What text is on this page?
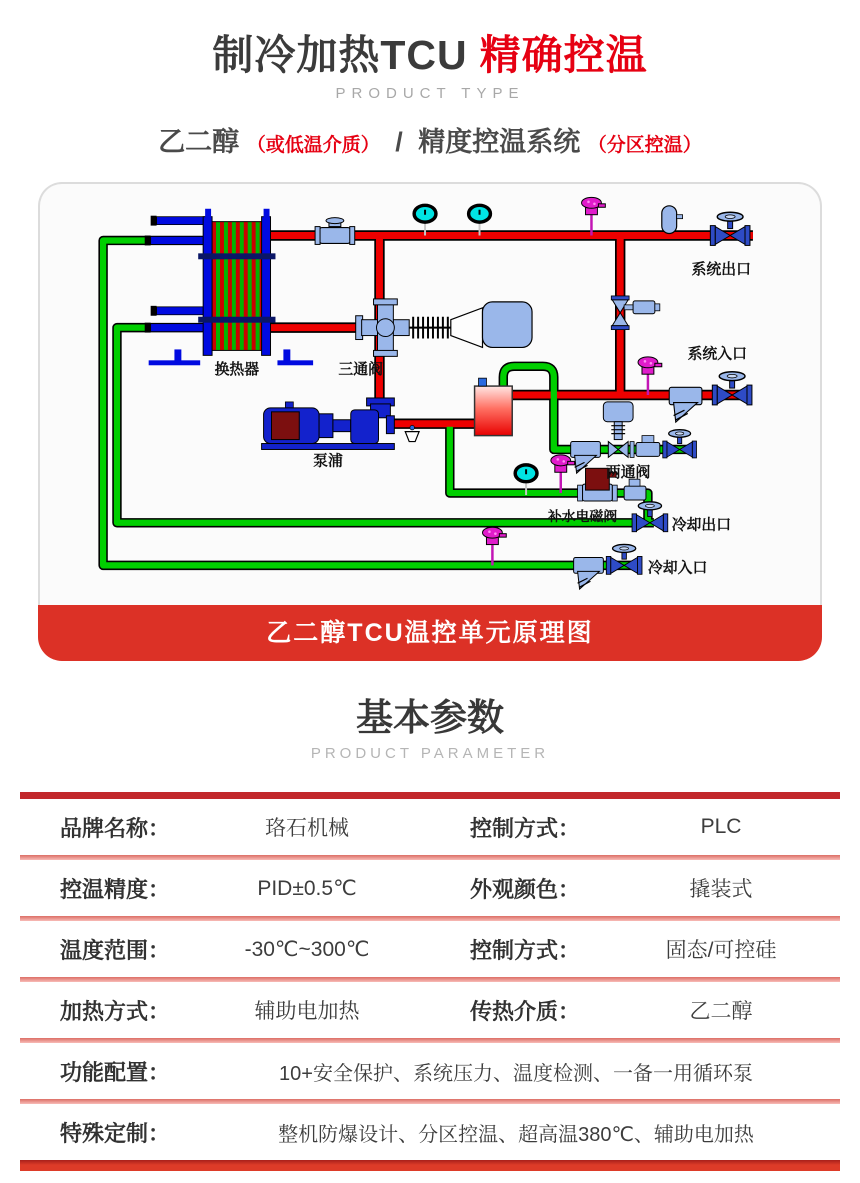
制冷加热TCU 精确控温
PRODUCT TYPE
乙二醇 （或低温介质） / 精度控温系统 （分区控温）
换热器	三通阀
泵浦
系统出口
系统入口
两通阀
补水电磁阀
冷却出口
冷却入口
乙二醇TCU温控单元原理图
基本参数
PRODUCT PARAMETER
品牌名称：	珞石机械	控制方式：	PLC
控温精度：	PID±0.5℃	外观颜色：	撬装式
温度范围：	-30℃~300℃	控制方式：	固态/可控硅
加热方式：	辅助电加热	传热介质：	乙二醇
功能配置：	10+安全保护、系统压力、温度检测、一备一用循环泵
特殊定制：	整机防爆设计、分区控温、超高温380℃、辅助电加热
